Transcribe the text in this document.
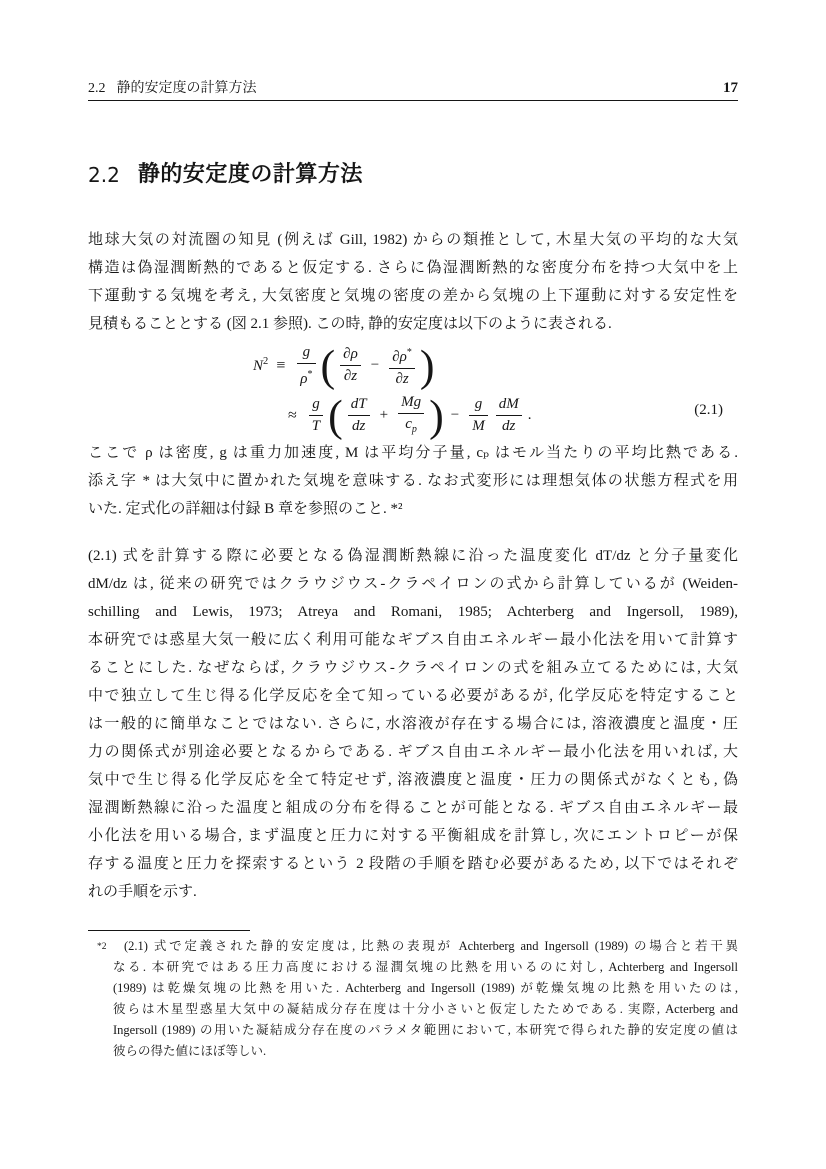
2.2 静的安定度の計算方法	17
2.2 静的安定度の計算方法
地球大気の対流圏の知見 (例えば Gill, 1982) からの類推として, 木星大気の平均的な大気
構造は偽湿潤断熱的であると仮定する. さらに偽湿潤断熱的な密度分布を持つ大気中を上
下運動する気塊を考え, 大気密度と気塊の密度の差から気塊の上下運動に対する安定性を
見積もることとする (図 2.1 参照). この時, 静的安定度は以下のように表される.
$N^2 \equiv \frac{g}{\rho^*}$ ( $\frac{\partial\rho}{\partial z} - \frac{\partial\rho^*}{\partial z}$ )
≈ $\frac{g}{T}$ ( $\frac{dT}{dz} + \frac{Mg}{c_p}$ ) − $\frac{g}{M} \frac{dM}{dz}$ .	(2.1)
ここで ρ は密度, g は重力加速度, M は平均分子量, cₚ はモル当たりの平均比熱である.
添え字 * は大気中に置かれた気塊を意味する. なお式変形には理想気体の状態方程式を用
いた. 定式化の詳細は付録 B 章を参照のこと. *²
(2.1) 式を計算する際に必要となる偽湿潤断熱線に沿った温度変化 dT/dz と分子量変化
dM/dz は, 従来の研究ではクラウジウス-クラペイロンの式から計算しているが (Weiden-
schilling and Lewis, 1973; Atreya and Romani, 1985; Achterberg and Ingersoll, 1989),
本研究では惑星大気一般に広く利用可能なギブス自由エネルギー最小化法を用いて計算す
ることにした. なぜならば, クラウジウス-クラペイロンの式を組み立てるためには, 大気
中で独立して生じ得る化学反応を全て知っている必要があるが, 化学反応を特定すること
は一般的に簡単なことではない. さらに, 水溶液が存在する場合には, 溶液濃度と温度・圧
力の関係式が別途必要となるからである. ギブス自由エネルギー最小化法を用いれば, 大
気中で生じ得る化学反応を全て特定せず, 溶液濃度と温度・圧力の関係式がなくとも, 偽
湿潤断熱線に沿った温度と組成の分布を得ることが可能となる. ギブス自由エネルギー最
小化法を用いる場合, まず温度と圧力に対する平衡組成を計算し, 次にエントロピーが保
存する温度と圧力を探索するという 2 段階の手順を踏む必要があるため, 以下ではそれぞ
れの手順を示す.
*2	(2.1) 式で定義された静的安定度は, 比熱の表現が Achterberg and Ingersoll (1989) の場合と若干異
なる. 本研究ではある圧力高度における湿潤気塊の比熱を用いるのに対し, Achterberg and Ingersoll
(1989) は乾燥気塊の比熱を用いた. Achterberg and Ingersoll (1989) が乾燥気塊の比熱を用いたのは,
彼らは木星型惑星大気中の凝結成分存在度は十分小さいと仮定したためである. 実際, Acterberg and
Ingersoll (1989) の用いた凝結成分存在度のパラメタ範囲において, 本研究で得られた静的安定度の値は
彼らの得た値にほぼ等しい.
